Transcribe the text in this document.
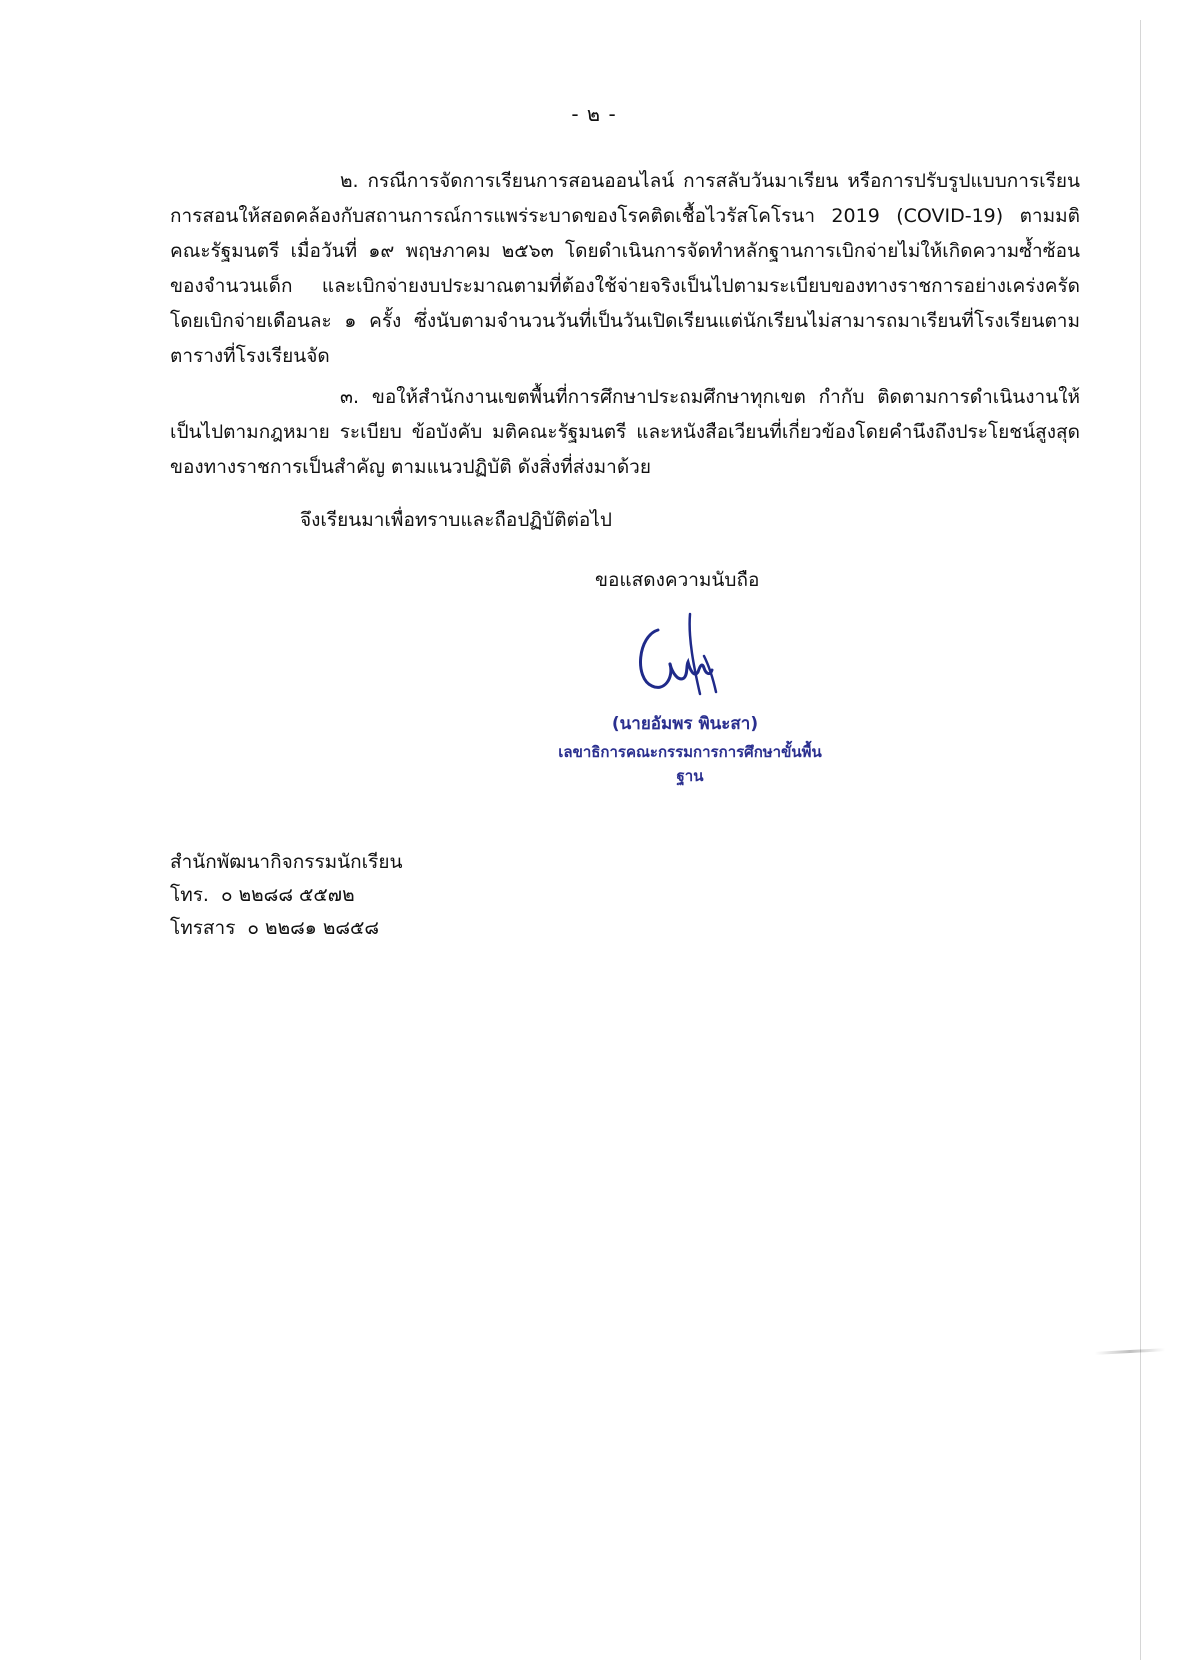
- ๒ -

๒. กรณีการจัดการเรียนการสอนออนไลน์ การสลับวันมาเรียน หรือการปรับรูปแบบการเรียนการสอนให้สอดคล้องกับสถานการณ์การแพร่ระบาดของโรคติดเชื้อไวรัสโคโรนา 2019 (COVID-19) ตามมติคณะรัฐมนตรี เมื่อวันที่ ๑๙ พฤษภาคม ๒๕๖๓ โดยดำเนินการจัดทำหลักฐานการเบิกจ่ายไม่ให้เกิดความซ้ำซ้อนของจำนวนเด็ก และเบิกจ่ายงบประมาณตามที่ต้องใช้จ่ายจริงเป็นไปตามระเบียบของทางราชการอย่างเคร่งครัด โดยเบิกจ่ายเดือนละ ๑ ครั้ง ซึ่งนับตามจำนวนวันที่เป็นวันเปิดเรียนแต่นักเรียนไม่สามารถมาเรียนที่โรงเรียนตามตารางที่โรงเรียนจัด

๓. ขอให้สำนักงานเขตพื้นที่การศึกษาประถมศึกษาทุกเขต กำกับ ติดตามการดำเนินงานให้เป็นไปตามกฎหมาย ระเบียบ ข้อบังคับ มติคณะรัฐมนตรี และหนังสือเวียนที่เกี่ยวข้องโดยคำนึงถึงประโยชน์สูงสุดของทางราชการเป็นสำคัญ ตามแนวปฏิบัติ ดังสิ่งที่ส่งมาด้วย

จึงเรียนมาเพื่อทราบและถือปฏิบัติต่อไป
ขอแสดงความนับถือ
(นายอัมพร พินะสา)
เลขาธิการคณะกรรมการการศึกษาขั้นพื้นฐาน
สำนักพัฒนากิจกรรมนักเรียน
โทร. ๐ ๒๒๘๘ ๕๕๗๒
โทรสาร ๐ ๒๒๘๑ ๒๘๕๘
